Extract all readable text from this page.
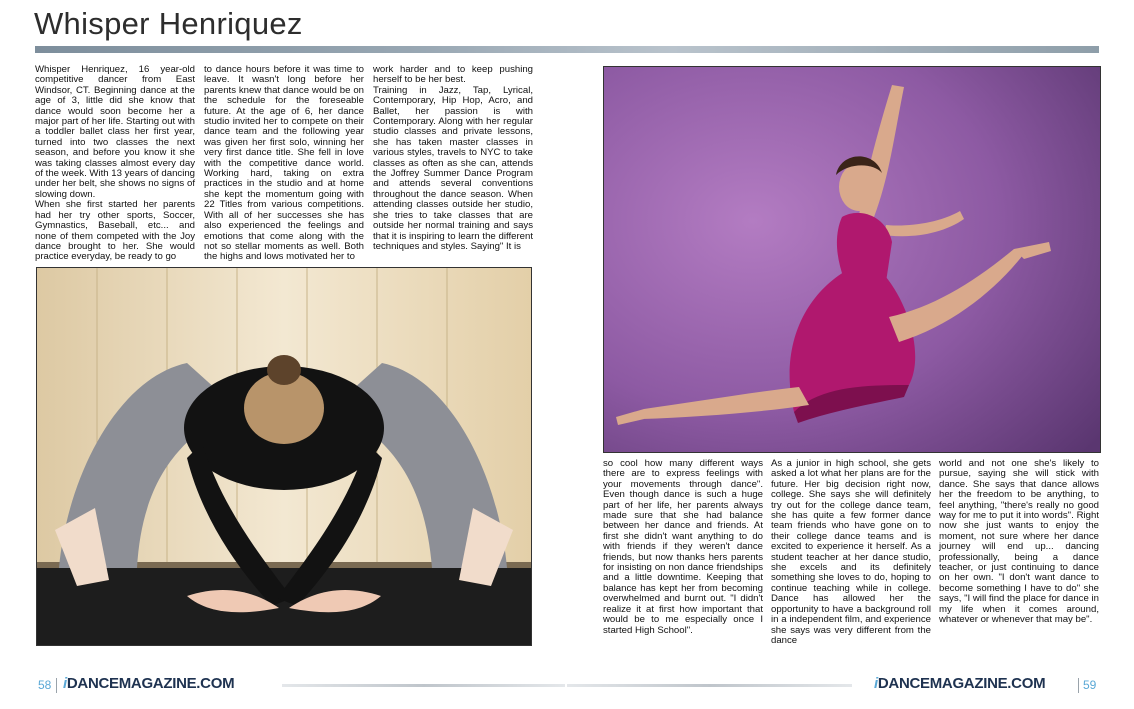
Whisper Henriquez

Whisper Henriquez, 16 year-old competitive dancer from East Windsor, CT. Beginning dance at the age of 3, little did she know that dance would soon become her a major part of her life. Starting out with a toddler ballet class her first year, turned into two classes the next season, and before you know it she was taking classes almost every day of the week. With 13 years of dancing under her belt, she shows no signs of slowing down.

When she first started her parents had her try other sports, Soccer, Gymnastics, Baseball, etc... and none of them competed with the Joy dance brought to her. She would practice everyday, be ready to go

to dance hours before it was time to leave. It wasn't long before her parents knew that dance would be on the schedule for the foreseable future. At the age of 6, her dance studio invited her to compete on their dance team and the following year was given her first solo, winning her very first dance title. She fell in love with the competitive dance world. Working hard, taking on extra practices in the studio and at home she kept the momentum going with 22 Titles from various competitions. With all of her successes she has also experienced the feelings and emotions that come along with the not so stellar moments as well. Both the highs and lows motivated her to

work harder and to keep pushing herself to be her best.

Training in Jazz, Tap, Lyrical, Contemporary, Hip Hop, Acro, and Ballet, her passion is with Contemporary. Along with her regular studio classes and private lessons, she has taken master classes in various styles, travels to NYC to take classes as often as she can, attends the Joffrey Summer Dance Program and attends several conventions throughout the dance season. When attending classes outside her studio, she tries to take classes that are outside her normal training and says that it is inspiring to learn the different techniques and styles. Saying" It is

so cool how many different ways there are to express feelings with your movements through dance". Even though dance is such a huge part of her life, her parents always made sure that she had balance between her dance and friends. At first she didn't want anything to do with friends if they weren't dance friends, but now thanks hers parents for insisting on non dance friendships and a little downtime. Keeping that balance has kept her from becoming overwhelmed and burnt out. "I didn't realize it at first how important that would be to me especially once I started High School".

As a junior in high school, she gets asked a lot what her plans are for the future. Her big decision right now, college. She says she will definitely try out for the college dance team, she has quite a few former dance team friends who have gone on to their college dance teams and is excited to experience it herself. As a student teacher at her dance studio, she excels and its definitely something she loves to do, hoping to continue teaching while in college. Dance has allowed her the opportunity to have a background roll in a independent film, and experience she says was very different from the dance

world and not one she's likely to pursue, saying she will stick with dance. She says that dance allows her the freedom to be anything, to feel anything, "there's really no good way for me to put it into words". Right now she just wants to enjoy the moment, not sure where her dance journey will end up... dancing professionally, being a dance teacher, or just continuing to dance on her own. "I don't want dance to become something I have to do" she says, "I will find the place for dance in my life when it comes around, whatever or whenever that may be".

58 iDANCEMAGAZINE.COM	iDANCEMAGAZINE.COM	59
